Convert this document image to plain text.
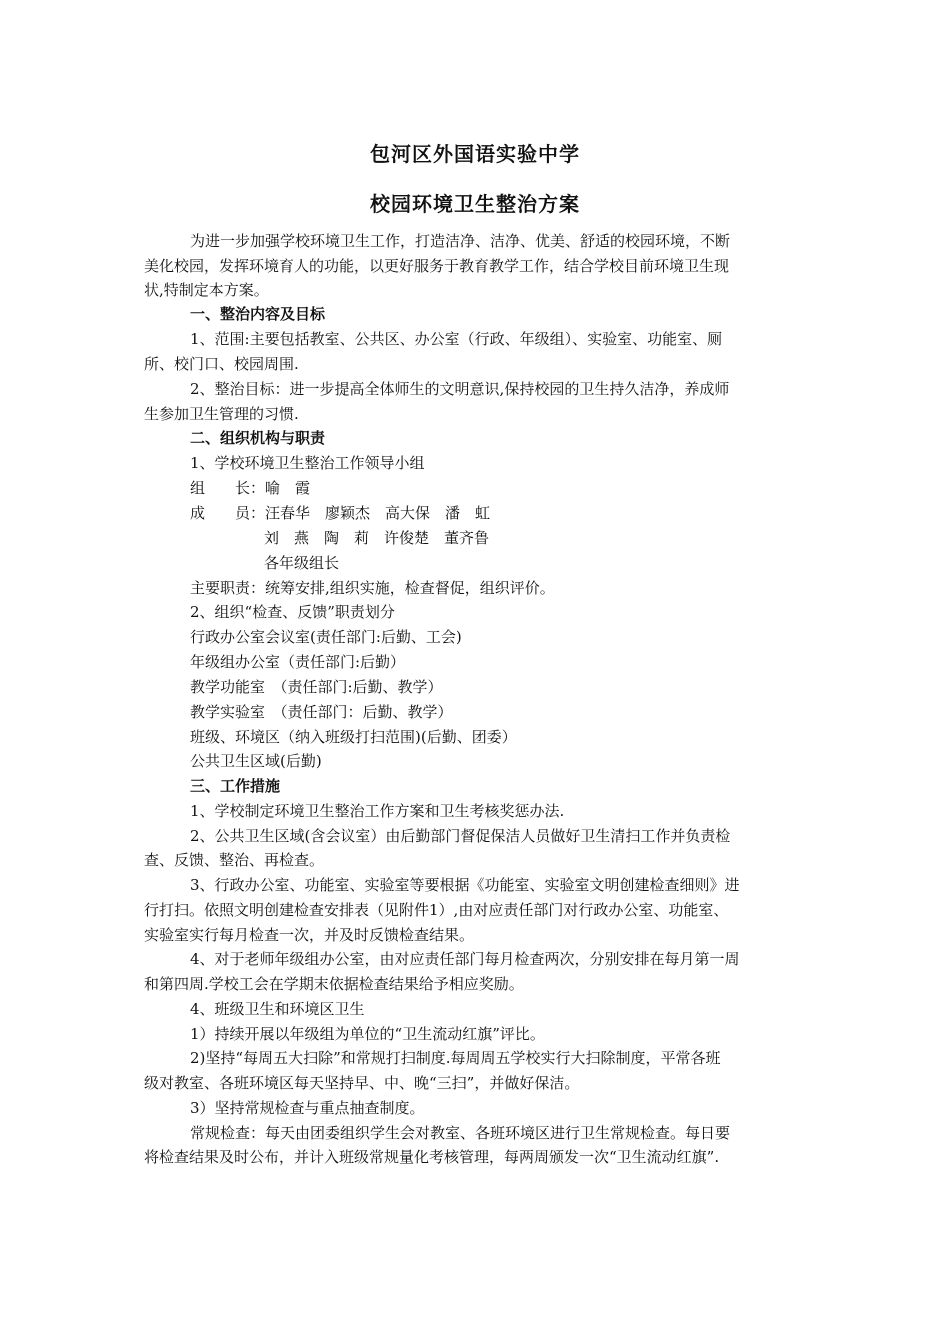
包河区外国语实验中学
校园环境卫生整治方案
为进一步加强学校环境卫生工作，打造洁净、洁净、优美、舒适的校园环境，不断
美化校园，发挥环境育人的功能，以更好服务于教育教学工作，结合学校目前环境卫生现
状,特制定本方案。
一、整治内容及目标
1、范围:主要包括教室、公共区、办公室（行政、年级组）、实验室、功能室、厕
所、校门口、校园周围.
2、整治目标：进一步提高全体师生的文明意识,保持校园的卫生持久洁净，养成师
生参加卫生管理的习惯.
二、组织机构与职责
1、学校环境卫生整治工作领导小组
组　　长：喻　霞
成　　员：汪春华　廖颖杰　高大保　潘　虹
刘　燕　陶　莉　许俊楚　董齐鲁
各年级组长
主要职责：统筹安排,组织实施，检查督促，组织评价。
2、组织“检查、反馈”职责划分
行政办公室会议室(责任部门:后勤、工会)
年级组办公室（责任部门:后勤）
教学功能室　（责任部门:后勤、教学）
教学实验室　（责任部门：后勤、教学）
班级、环境区（纳入班级打扫范围)(后勤、团委）
公共卫生区域(后勤)
三、工作措施
1、学校制定环境卫生整治工作方案和卫生考核奖惩办法.
2、公共卫生区域(含会议室）由后勤部门督促保洁人员做好卫生清扫工作并负责检
查、反馈、整治、再检查。
3、行政办公室、功能室、实验室等要根据《功能室、实验室文明创建检查细则》进
行打扫。依照文明创建检查安排表（见附件1）,由对应责任部门对行政办公室、功能室、
实验室实行每月检查一次，并及时反馈检查结果。
4、对于老师年级组办公室，由对应责任部门每月检查两次，分别安排在每月第一周
和第四周.学校工会在学期末依据检查结果给予相应奖励。
4、班级卫生和环境区卫生
1）持续开展以年级组为单位的“卫生流动红旗”评比。
2)坚持“每周五大扫除”和常规打扫制度.每周周五学校实行大扫除制度，平常各班
级对教室、各班环境区每天坚持早、中、晚“三扫”，并做好保洁。
3）坚持常规检查与重点抽查制度。
常规检查：每天由团委组织学生会对教室、各班环境区进行卫生常规检查。每日要
将检查结果及时公布，并计入班级常规量化考核管理，每两周颁发一次“卫生流动红旗”.
